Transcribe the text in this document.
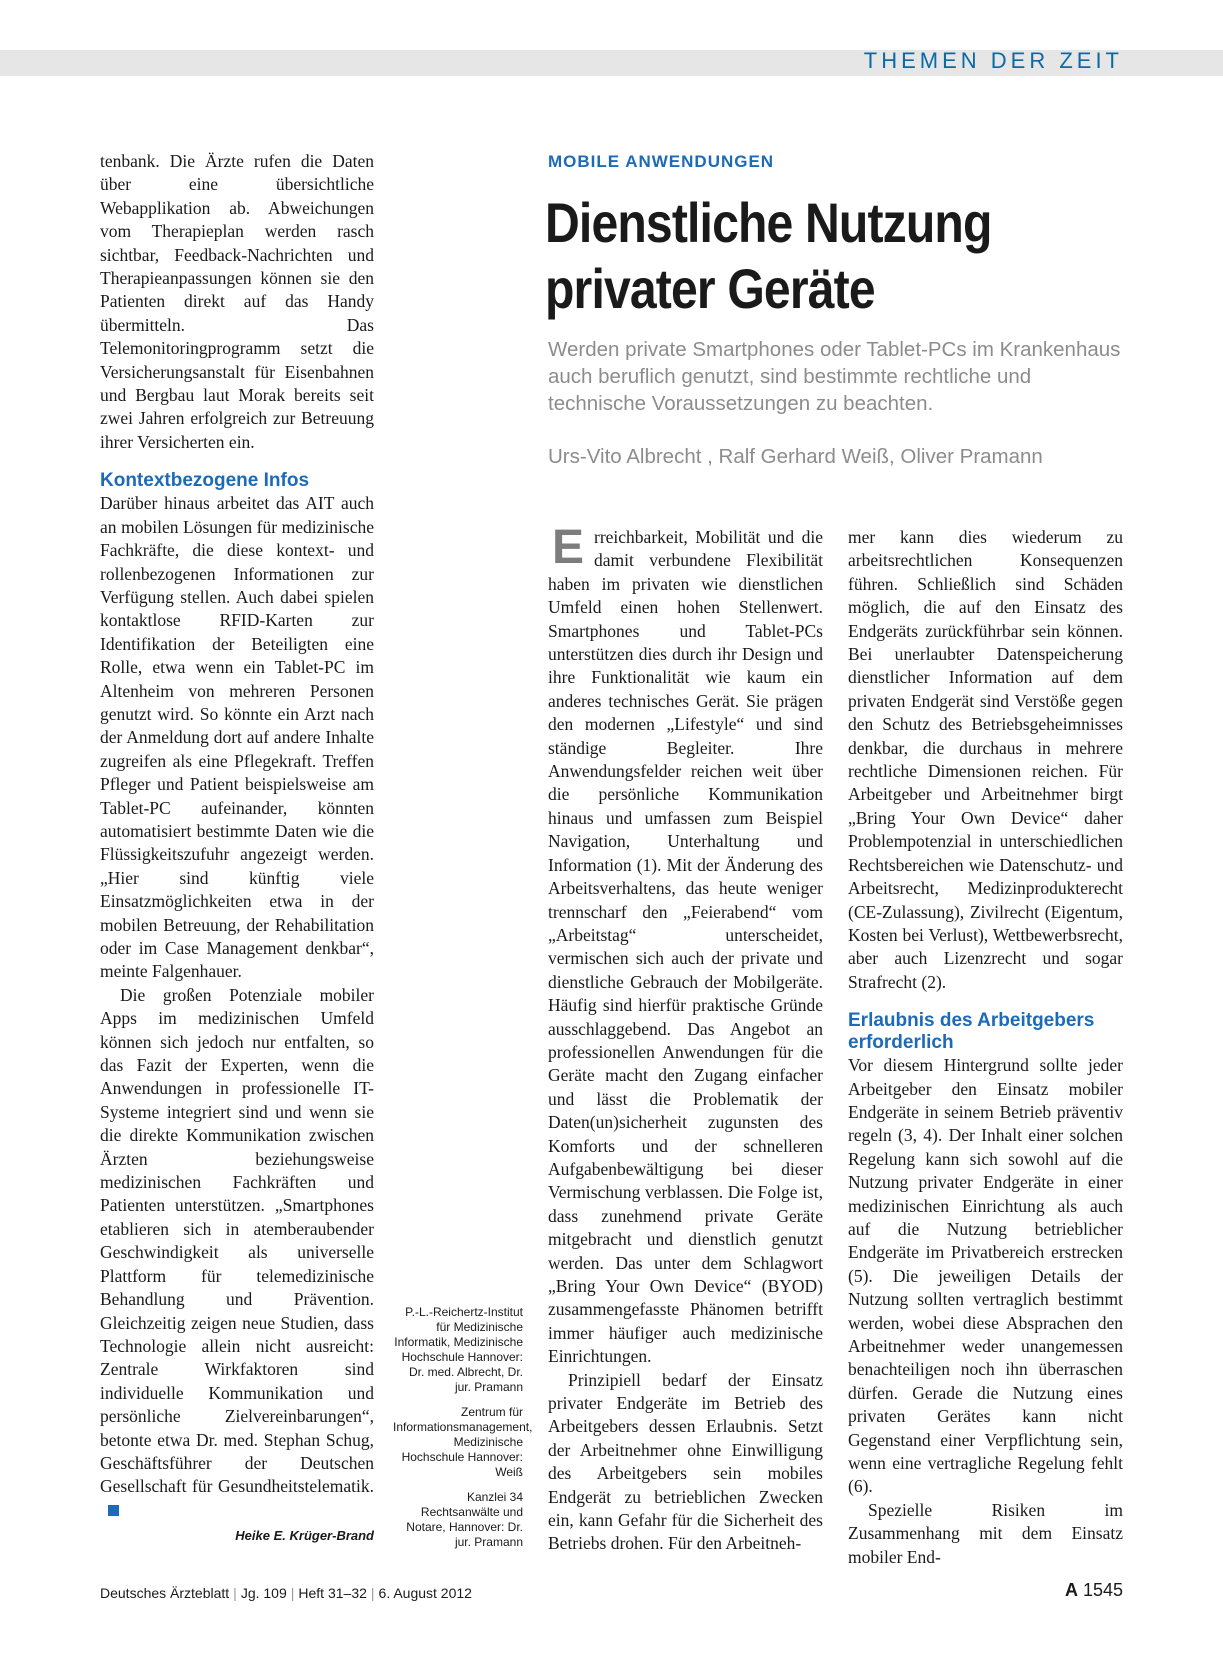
THEMEN DER ZEIT

tenbank. Die Ärzte rufen die Daten über eine übersichtliche Webapplikation ab. Abweichungen vom Therapieplan werden rasch sichtbar, Feedback-Nachrichten und Therapieanpassungen können sie den Patienten direkt auf das Handy übermitteln. Das Telemonitoringprogramm setzt die Versicherungsanstalt für Eisenbahnen und Bergbau laut Morak bereits seit zwei Jahren erfolgreich zur Betreuung ihrer Versicherten ein.

Kontextbezogene Infos

Darüber hinaus arbeitet das AIT auch an mobilen Lösungen für medizinische Fachkräfte, die diese kontext- und rollenbezogenen Informationen zur Verfügung stellen. Auch dabei spielen kontaktlose RFID-Karten zur Identifikation der Beteiligten eine Rolle, etwa wenn ein Tablet-PC im Altenheim von mehreren Personen genutzt wird. So könnte ein Arzt nach der Anmeldung dort auf andere Inhalte zugreifen als eine Pflegekraft. Treffen Pfleger und Patient beispielsweise am Tablet-PC aufeinander, könnten automatisiert bestimmte Daten wie die Flüssigkeitszufuhr angezeigt werden. „Hier sind künftig viele Einsatzmöglichkeiten etwa in der mobilen Betreuung, der Rehabilitation oder im Case Management denkbar“, meinte Falgenhauer.

Die großen Potenziale mobiler Apps im medizinischen Umfeld können sich jedoch nur entfalten, so das Fazit der Experten, wenn die Anwendungen in professionelle IT-Systeme integriert sind und wenn sie die direkte Kommunikation zwischen Ärzten beziehungsweise medizinischen Fachkräften und Patienten unterstützen. „Smartphones etablieren sich in atemberaubender Geschwindigkeit als universelle Plattform für telemedizinische Behandlung und Prävention. Gleichzeitig zeigen neue Studien, dass Technologie allein nicht ausreicht: Zentrale Wirkfaktoren sind individuelle Kommunikation und persönliche Zielvereinbarungen“, betonte etwa Dr. med. Stephan Schug, Geschäftsführer der Deutschen Gesellschaft für Gesundheitstelematik.

Heike E. Krüger-Brand
P.-L.-Reichertz-Institut für Medizinische Informatik, Medizinische Hochschule Hannover: Dr. med. Albrecht, Dr. jur. Pramann
Zentrum für Informationsmanagement, Medizinische Hochschule Hannover: Weiß
Kanzlei 34 Rechtsanwälte und Notare, Hannover: Dr. jur. Pramann
MOBILE ANWENDUNGEN
Dienstliche Nutzung
privater Geräte

Werden private Smartphones oder Tablet-PCs im Krankenhaus auch beruflich genutzt, sind bestimmte rechtliche und technische Voraussetzungen zu beachten.

Urs-Vito Albrecht , Ralf Gerhard Weiß, Oliver Pramann

Erreichbarkeit, Mobilität und die damit verbundene Flexibilität haben im privaten wie dienstlichen Umfeld einen hohen Stellenwert. Smartphones und Tablet-PCs unterstützen dies durch ihr Design und ihre Funktionalität wie kaum ein anderes technisches Gerät. Sie prägen den modernen „Lifestyle“ und sind ständige Begleiter. Ihre Anwendungsfelder reichen weit über die persönliche Kommunikation hinaus und umfassen zum Beispiel Navigation, Unterhaltung und Information (1). Mit der Änderung des Arbeitsverhaltens, das heute weniger trennscharf den „Feierabend“ vom „Arbeitstag“ unterscheidet, vermischen sich auch der private und dienstliche Gebrauch der Mobilgeräte. Häufig sind hierfür praktische Gründe ausschlaggebend. Das Angebot an professionellen Anwendungen für die Geräte macht den Zugang einfacher und lässt die Problematik der Daten(un)sicherheit zugunsten des Komforts und der schnelleren Aufgabenbewältigung bei dieser Vermischung verblassen. Die Folge ist, dass zunehmend private Geräte mitgebracht und dienstlich genutzt werden. Das unter dem Schlagwort „Bring Your Own Device“ (BYOD) zusammengefasste Phänomen betrifft immer häufiger auch medizinische Einrichtungen.

Prinzipiell bedarf der Einsatz privater Endgeräte im Betrieb des Arbeitgebers dessen Erlaubnis. Setzt der Arbeitnehmer ohne Einwilligung des Arbeitgebers sein mobiles Endgerät zu betrieblichen Zwecken ein, kann Gefahr für die Sicherheit des Betriebs drohen. Für den Arbeitneh-

mer kann dies wiederum zu arbeitsrechtlichen Konsequenzen führen. Schließlich sind Schäden möglich, die auf den Einsatz des Endgeräts zurückführbar sein können. Bei unerlaubter Datenspeicherung dienstlicher Information auf dem privaten Endgerät sind Verstöße gegen den Schutz des Betriebsgeheimnisses denkbar, die durchaus in mehrere rechtliche Dimensionen reichen. Für Arbeitgeber und Arbeitnehmer birgt „Bring Your Own Device“ daher Problempotenzial in unterschiedlichen Rechtsbereichen wie Datenschutz- und Arbeitsrecht, Medizinprodukterecht (CE-Zulassung), Zivilrecht (Eigentum, Kosten bei Verlust), Wettbewerbsrecht, aber auch Lizenzrecht und sogar Strafrecht (2).

Erlaubnis des Arbeitgebers erforderlich

Vor diesem Hintergrund sollte jeder Arbeitgeber den Einsatz mobiler Endgeräte in seinem Betrieb präventiv regeln (3, 4). Der Inhalt einer solchen Regelung kann sich sowohl auf die Nutzung privater Endgeräte in einer medizinischen Einrichtung als auch auf die Nutzung betrieblicher Endgeräte im Privatbereich erstrecken (5). Die jeweiligen Details der Nutzung sollten vertraglich bestimmt werden, wobei diese Absprachen den Arbeitnehmer weder unangemessen benachteiligen noch ihn überraschen dürfen. Gerade die Nutzung eines privaten Gerätes kann nicht Gegenstand einer Verpflichtung sein, wenn eine vertragliche Regelung fehlt (6).

Spezielle Risiken im Zusammenhang mit dem Einsatz mobiler End-

Deutsches Ärzteblatt | Jg. 109 | Heft 31–32 | 6. August 2012	A 1545
